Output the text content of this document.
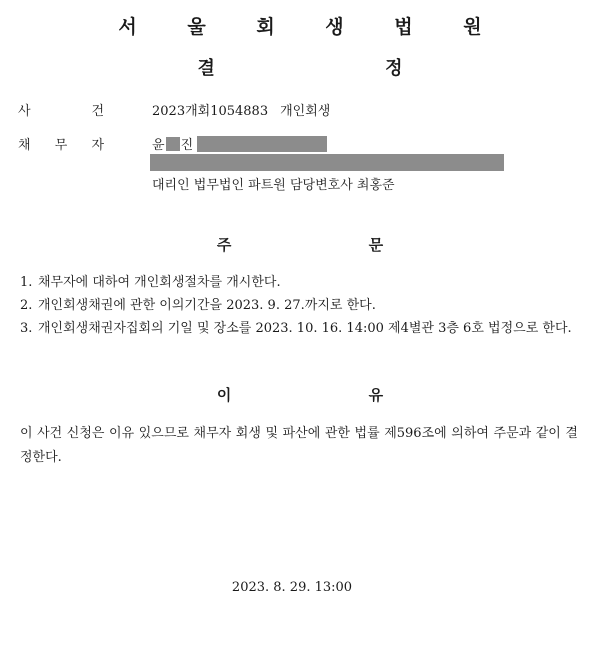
서 울 회 생 법 원
결 정
사	건	2023개회1054883 개인회생
채 무 자	윤 진
대리인 법무법인 파트원 담당변호사 최홍준
주 문
1. 채무자에 대하여 개인회생절차를 개시한다.
2. 개인회생채권에 관한 이의기간을 2023. 9. 27.까지로 한다.
3. 개인회생채권자집회의 기일 및 장소를 2023. 10. 16. 14:00 제4별관 3층 6호 법정으로 한다.
이 유

이 사건 신청은 이유 있으므로 채무자 회생 및 파산에 관한 법률 제596조에 의하여 주문과 같이 결정한다.

2023. 8. 29. 13:00
